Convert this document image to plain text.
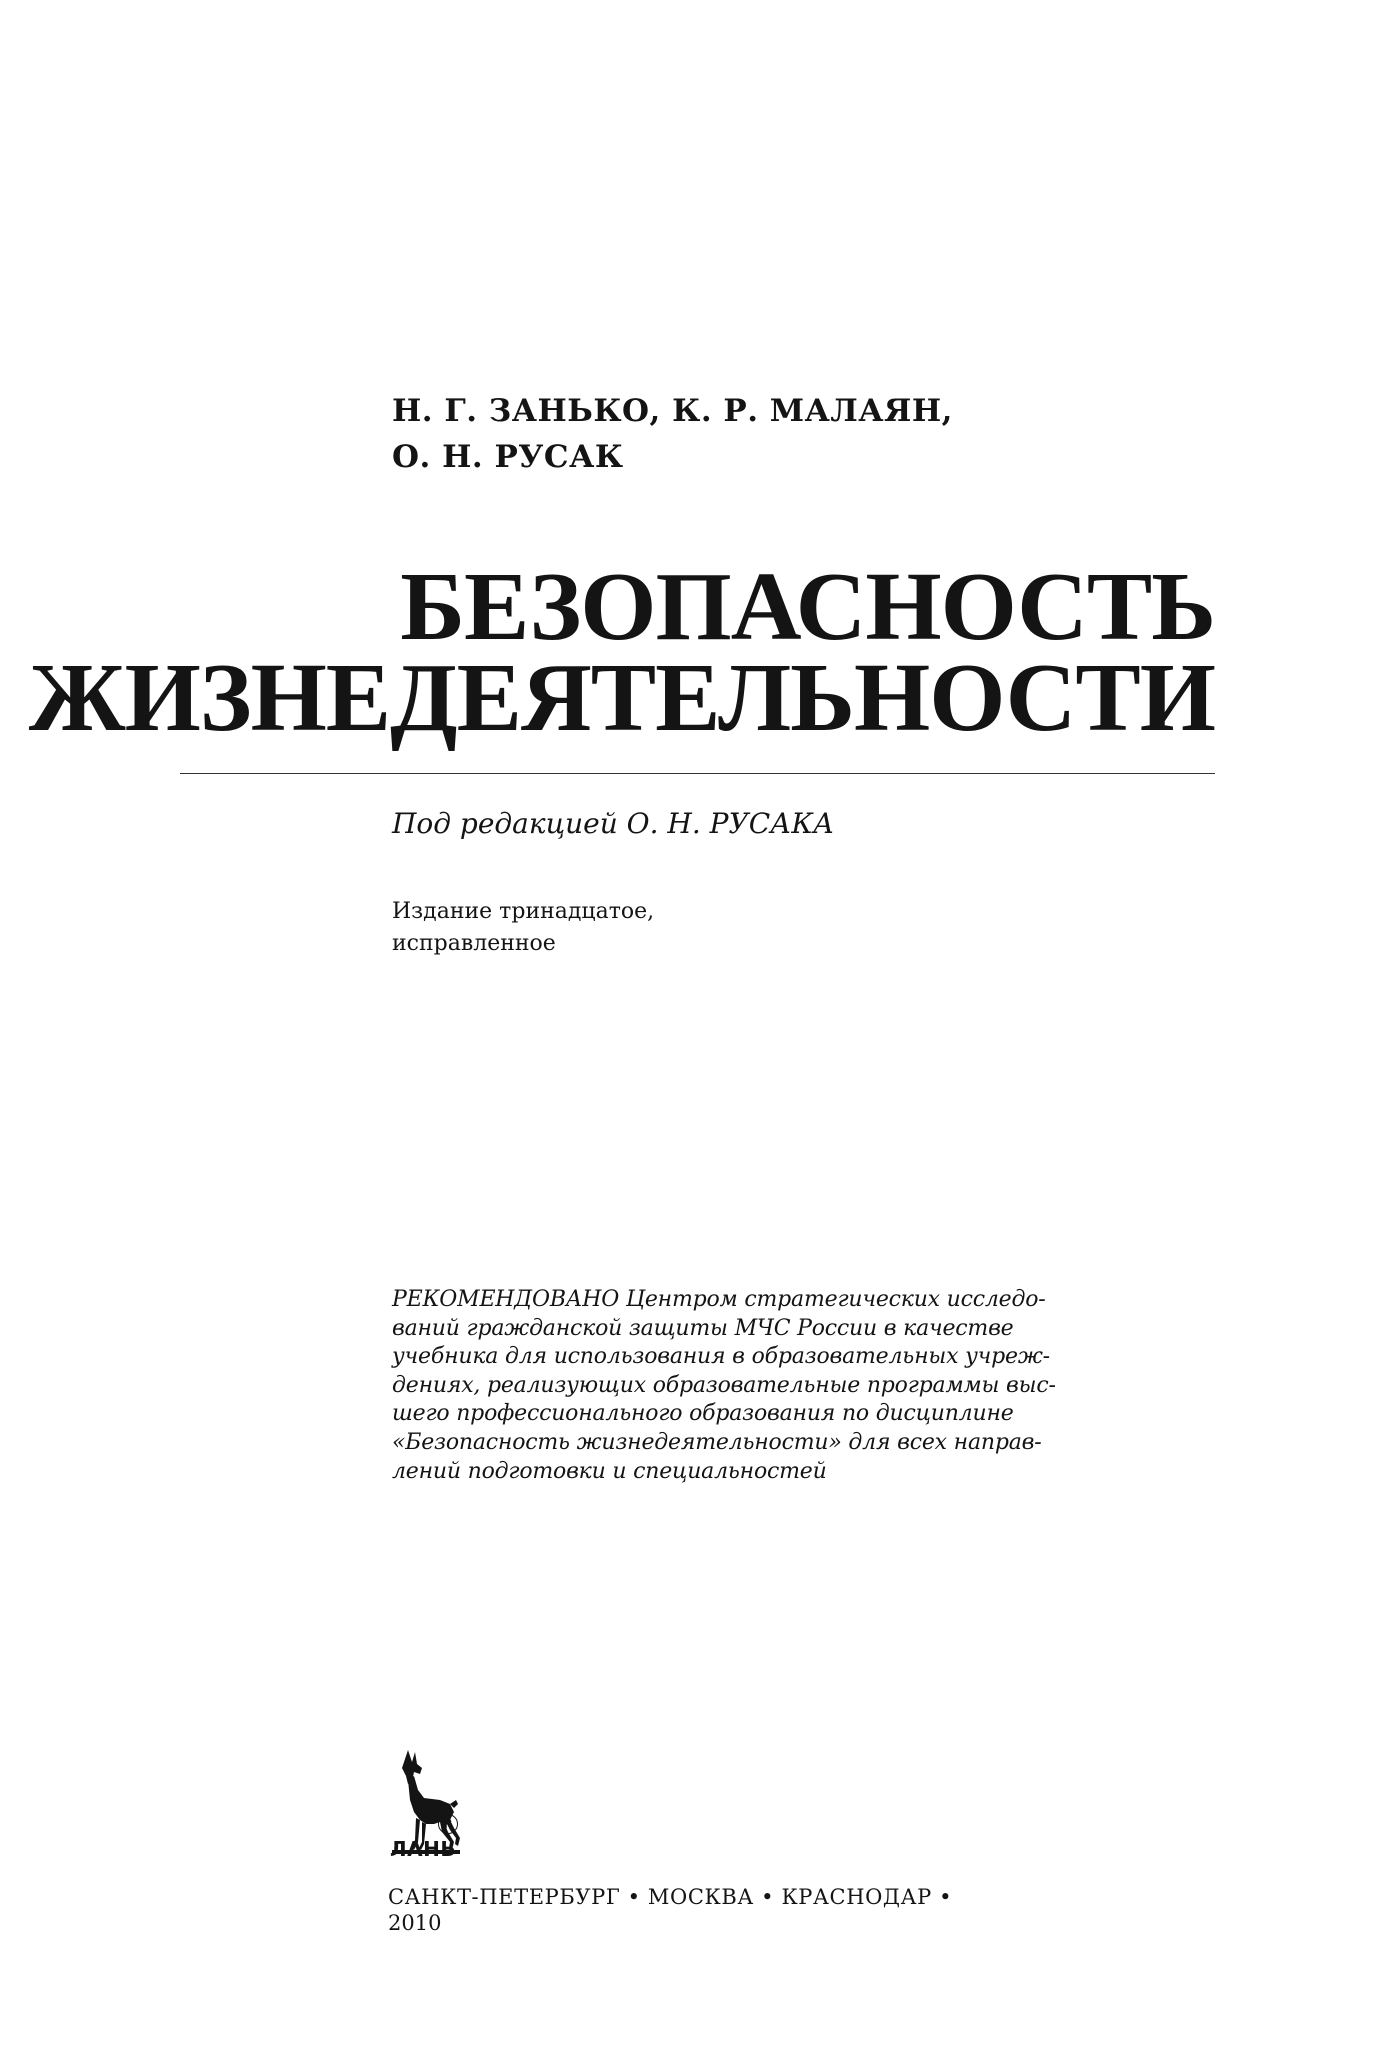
Н. Г. ЗАНЬКО, К. Р. МАЛАЯН,
О. Н. РУСАК
БЕЗОПАСНОСТЬ
ЖИЗНЕДЕЯТЕЛЬНОСТИ
Под редакцией О. Н. РУСАКА
Издание тринадцатое,
исправленное
РЕКОМЕНДОВАНО Центром стратегических исследо-
ваний гражданской защиты МЧС России в качестве
учебника для использования в образовательных учреж-
дениях, реализующих образовательные программы выс-
шего профессионального образования по дисциплине
«Безопасность жизнедеятельности» для всех направ-
лений подготовки и специальностей
ЛАНЬ
R
САНКТ-ПЕТЕРБУРГ • МОСКВА • КРАСНОДАР •
2010
